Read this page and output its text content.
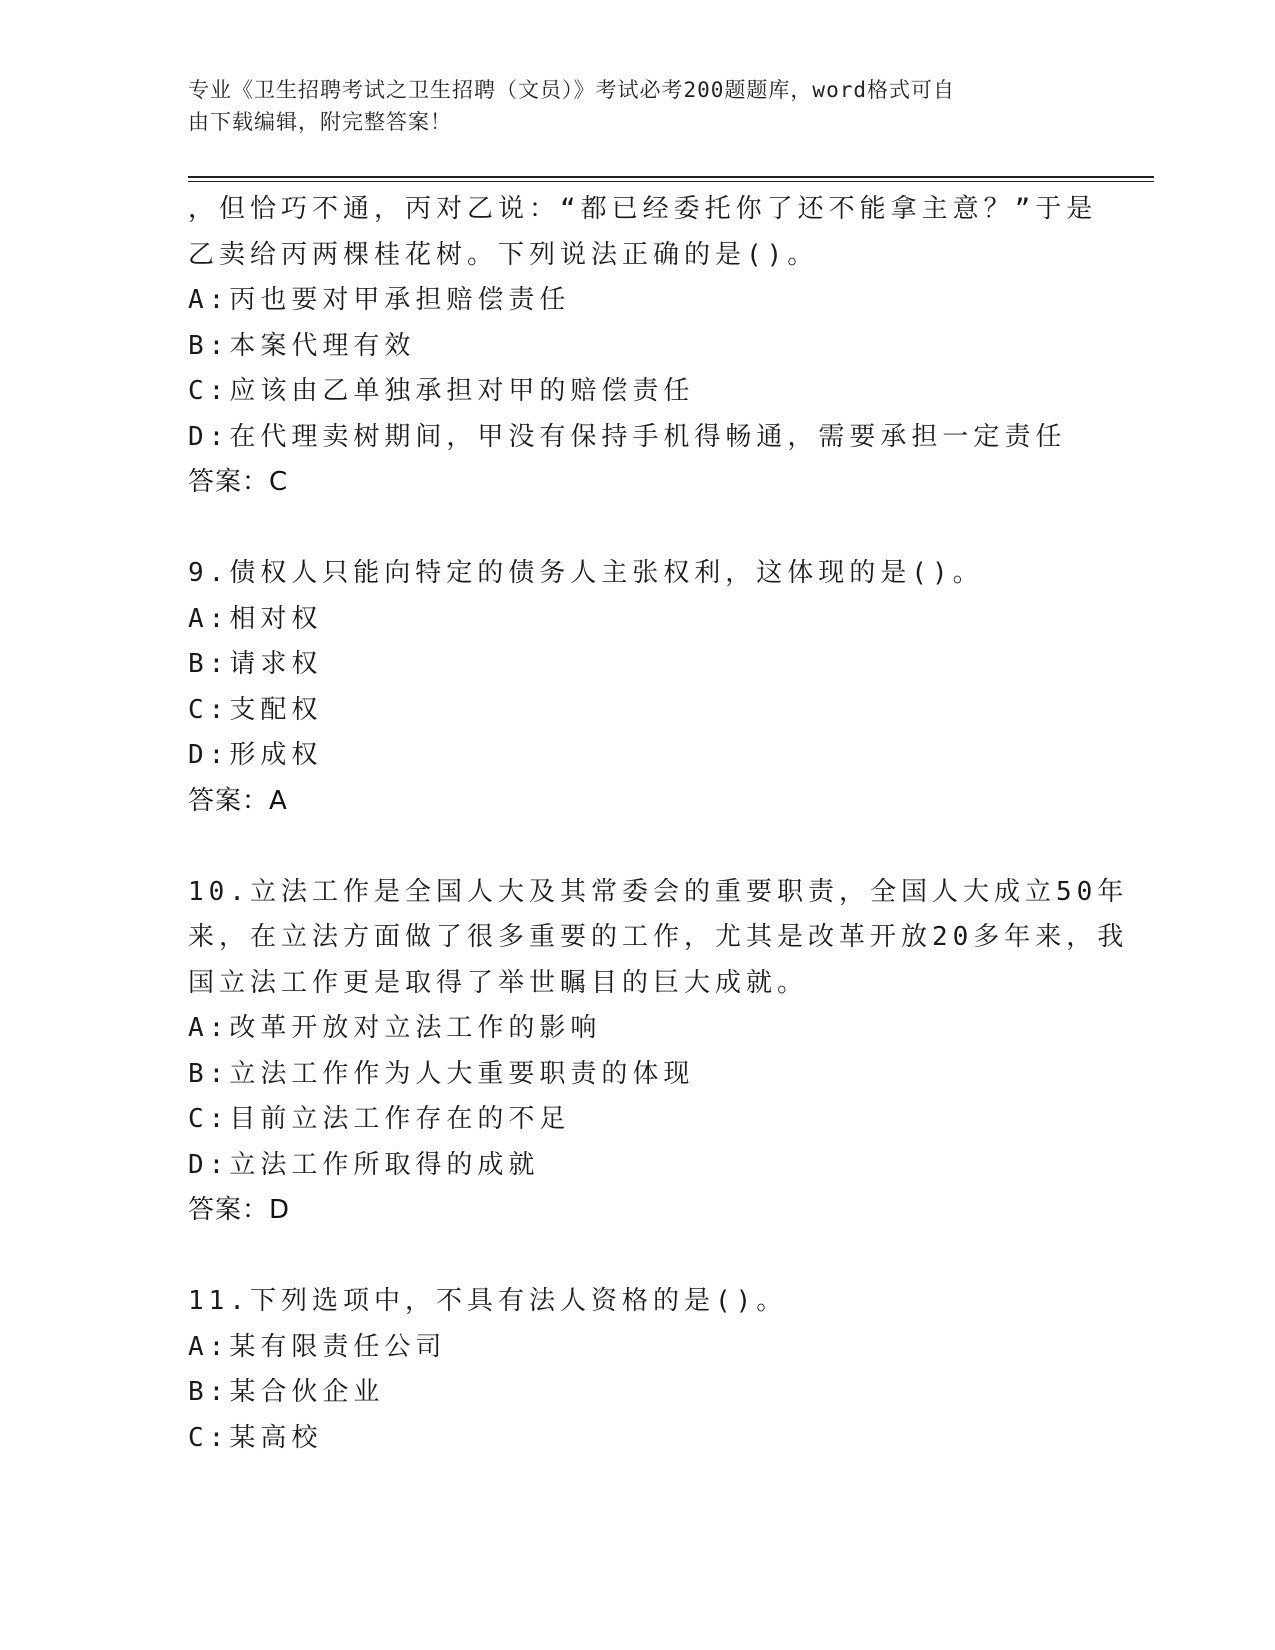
专业《卫生招聘考试之卫生招聘（文员）》考试必考200题题库，word格式可自
由下载编辑，附完整答案！
，但恰巧不通，丙对乙说：“都已经委托你了还不能拿主意？”于是
乙卖给丙两棵桂花树。下列说法正确的是()。
A:丙也要对甲承担赔偿责任
B:本案代理有效
C:应该由乙单独承担对甲的赔偿责任
D:在代理卖树期间，甲没有保持手机得畅通，需要承担一定责任
答案：C
9.债权人只能向特定的债务人主张权利，这体现的是()。
A:相对权
B:请求权
C:支配权
D:形成权
答案：A
10.立法工作是全国人大及其常委会的重要职责，全国人大成立50年
来，在立法方面做了很多重要的工作，尤其是改革开放20多年来，我
国立法工作更是取得了举世瞩目的巨大成就。
A:改革开放对立法工作的影响
B:立法工作作为人大重要职责的体现
C:目前立法工作存在的不足
D:立法工作所取得的成就
答案：D
11.下列选项中，不具有法人资格的是()。
A:某有限责任公司
B:某合伙企业
C:某高校
